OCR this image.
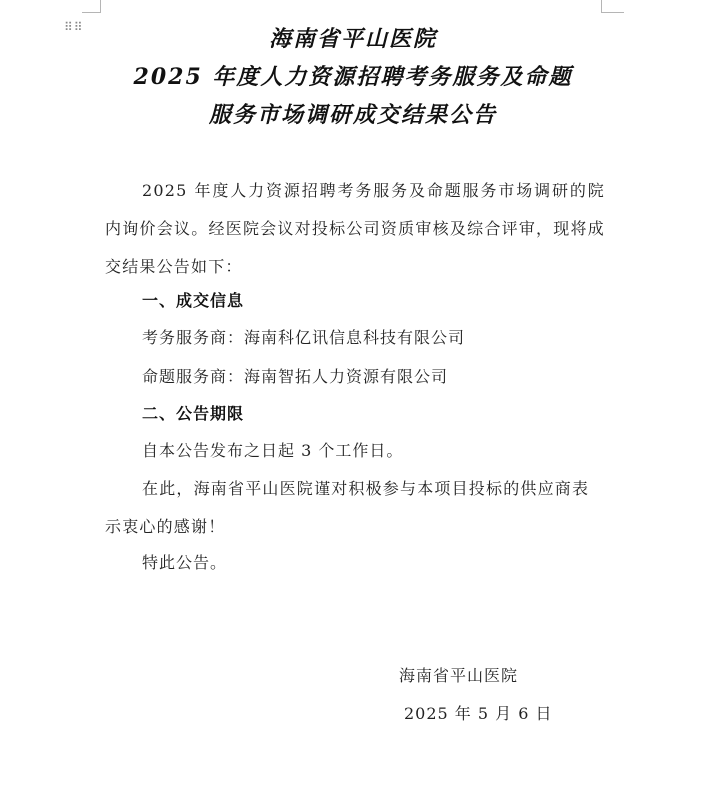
⠿⠿	海南省平山医院
2025 年度人力资源招聘考务服务及命题
服务市场调研成交结果公告
2025 年度人力资源招聘考务服务及命题服务市场调研的院内询价会议。经医院会议对投标公司资质审核及综合评审，现将成交结果公告如下：
一、成交信息
考务服务商：海南科亿讯信息科技有限公司
命题服务商：海南智拓人力资源有限公司
二、公告期限
自本公告发布之日起 3 个工作日。
在此，海南省平山医院谨对积极参与本项目投标的供应商表示衷心的感谢！
特此公告。
海南省平山医院
2025 年 5 月 6 日
